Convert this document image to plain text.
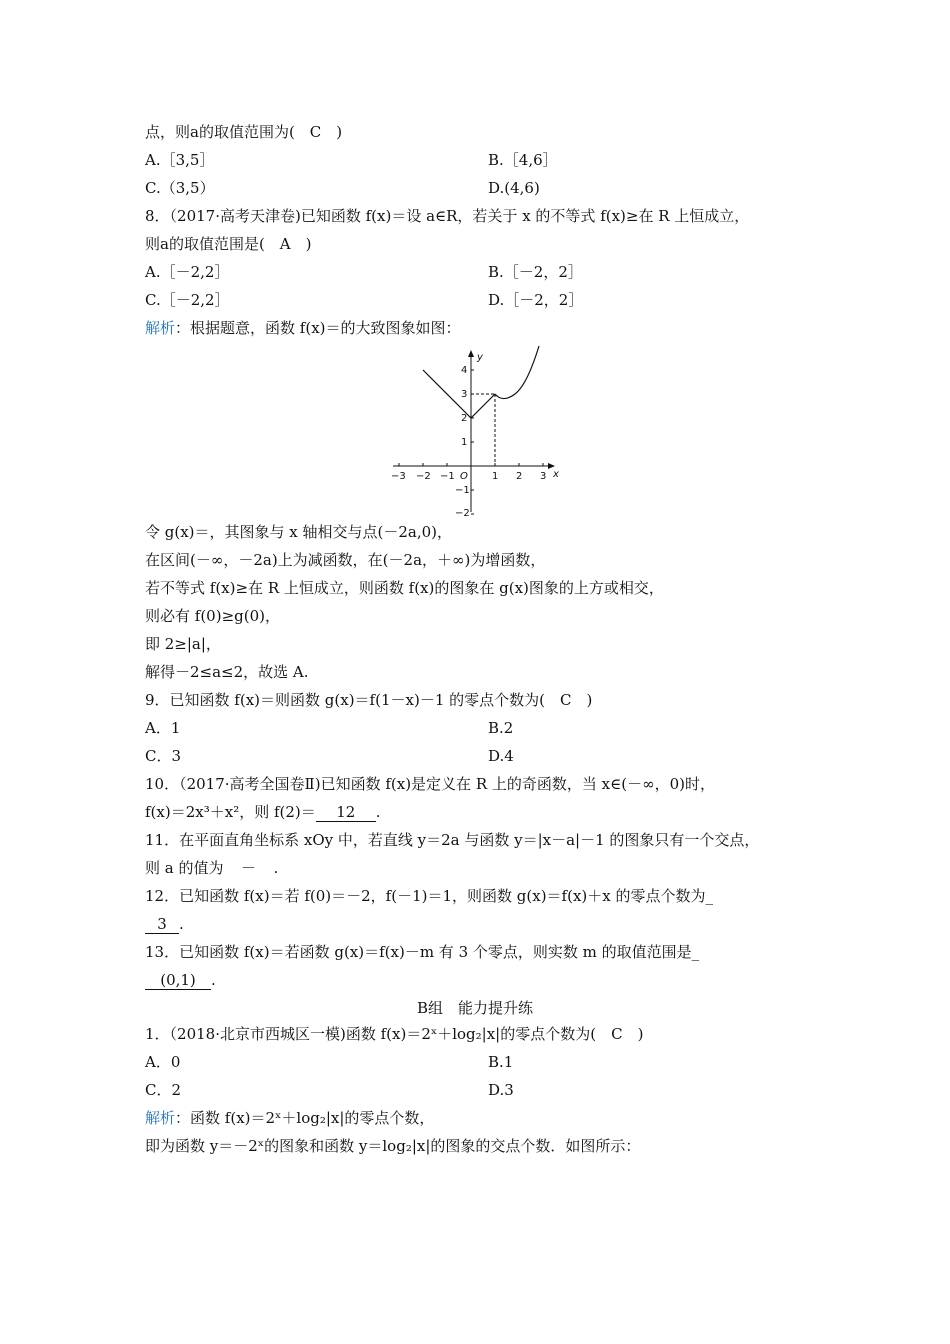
点，则a的取值范围为(　C　)
A.［3,5］	B.［4,6］
C.（3,5）	D.(4,6)
8．（2017·高考天津卷)已知函数 f(x)＝设 a∈R，若关于 x 的不等式 f(x)≥在 R 上恒成立，
则a的取值范围是(　A　)
A.［－2,2］	B.［－2，2］
C.［－2,2］	D.［－2，2］
解析：根据题意，函数 f(x)＝的大致图象如图：
x
y
O
−3 −2 −1	1 2 3
4
3
2
1
−1
−2
令 g(x)＝，其图象与 x 轴相交与点(－2a,0)，
在区间(－∞，－2a)上为减函数，在(－2a，＋∞)为增函数，
若不等式 f(x)≥在 R 上恒成立，则函数 f(x)的图象在 g(x)图象的上方或相交，
则必有 f(0)≥g(0)，
即 2≥|a|，
解得－2≤a≤2，故选 A.
9．已知函数 f(x)＝则函数 g(x)＝f(1－x)－1 的零点个数为(　C　)
A．1	B.2
C．3	D.4
10．（2017·高考全国卷Ⅱ)已知函数 f(x)是定义在 R 上的奇函数，当 x∈(－∞，0)时，
f(x)＝2x³＋x²，则 f(2)＝ 12 .
11．在平面直角坐标系 xOy 中，若直线 y＝2a 与函数 y＝|x－a|－1 的图象只有一个交点，
则 a 的值为 － .
12．已知函数 f(x)＝若 f(0)＝－2，f(－1)＝1，则函数 g(x)＝f(x)＋x 的零点个数为_
3 .
13．已知函数 f(x)＝若函数 g(x)＝f(x)－m 有 3 个零点，则实数 m 的取值范围是_
(0,1) .
B组　能力提升练
1．（2018·北京市西城区一模)函数 f(x)＝2ˣ＋log₂|x|的零点个数为(　C　)
A．0	B.1
C．2	D.3
解析：函数 f(x)＝2ˣ＋log₂|x|的零点个数，
即为函数 y＝－2ˣ的图象和函数 y＝log₂|x|的图象的交点个数．如图所示：
